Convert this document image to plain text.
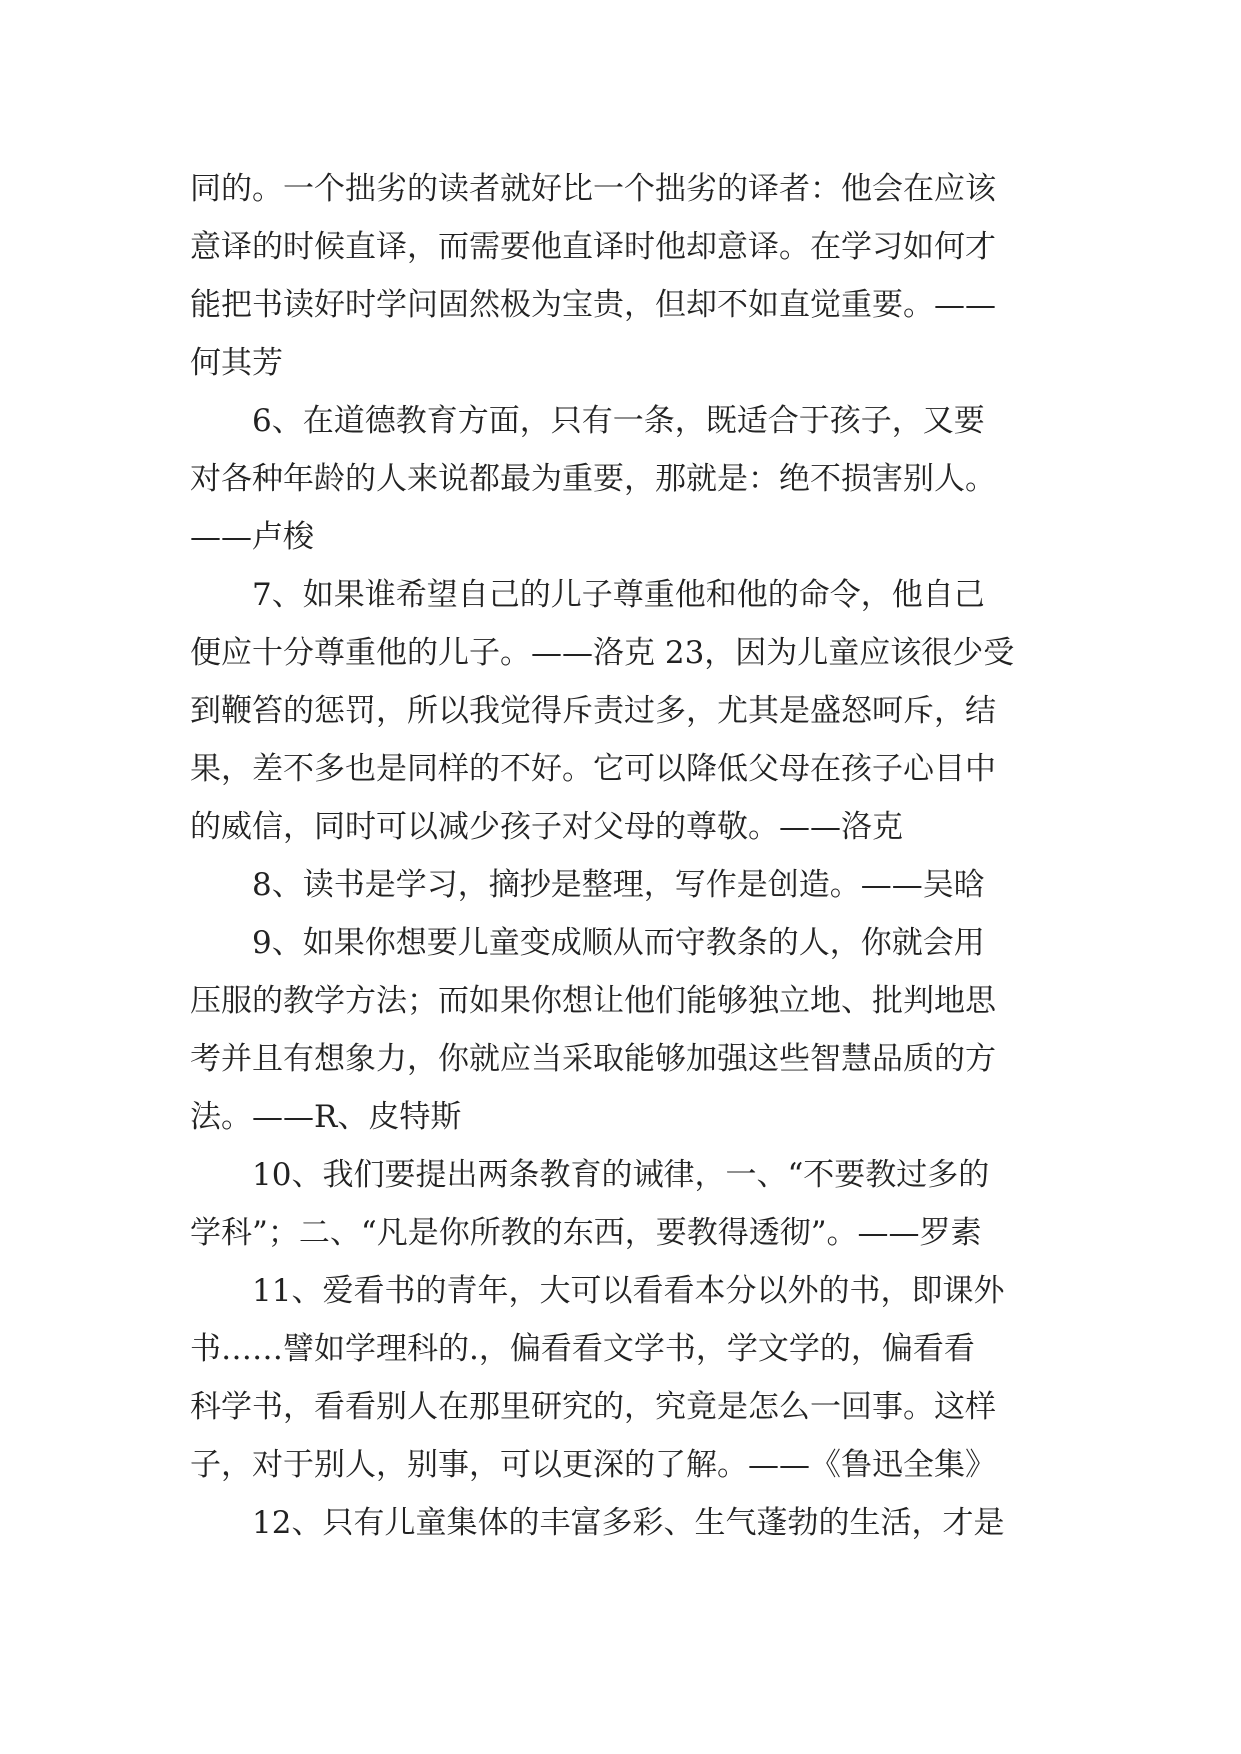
同的。一个拙劣的读者就好比一个拙劣的译者：他会在应该
意译的时候直译，而需要他直译时他却意译。在学习如何才
能把书读好时学问固然极为宝贵，但却不如直觉重要。——
何其芳
6、在道德教育方面，只有一条，既适合于孩子，又要
对各种年龄的人来说都最为重要，那就是：绝不损害别人。
——卢梭
7、如果谁希望自己的儿子尊重他和他的命令，他自己
便应十分尊重他的儿子。——洛克 23，因为儿童应该很少受
到鞭笞的惩罚，所以我觉得斥责过多，尤其是盛怒呵斥，结
果，差不多也是同样的不好。它可以降低父母在孩子心目中
的威信，同时可以减少孩子对父母的尊敬。——洛克
8、读书是学习，摘抄是整理，写作是创造。——吴晗
9、如果你想要儿童变成顺从而守教条的人，你就会用
压服的教学方法；而如果你想让他们能够独立地、批判地思
考并且有想象力，你就应当采取能够加强这些智慧品质的方
法。——R、皮特斯
10、我们要提出两条教育的诫律，一、“不要教过多的
学科”；二、“凡是你所教的东西，要教得透彻”。——罗素
11、爱看书的青年，大可以看看本分以外的书，即课外
书……譬如学理科的.，偏看看文学书，学文学的，偏看看
科学书，看看别人在那里研究的，究竟是怎么一回事。这样
子，对于别人，别事，可以更深的了解。——《鲁迅全集》
12、只有儿童集体的丰富多彩、生气蓬勃的生活，才是
